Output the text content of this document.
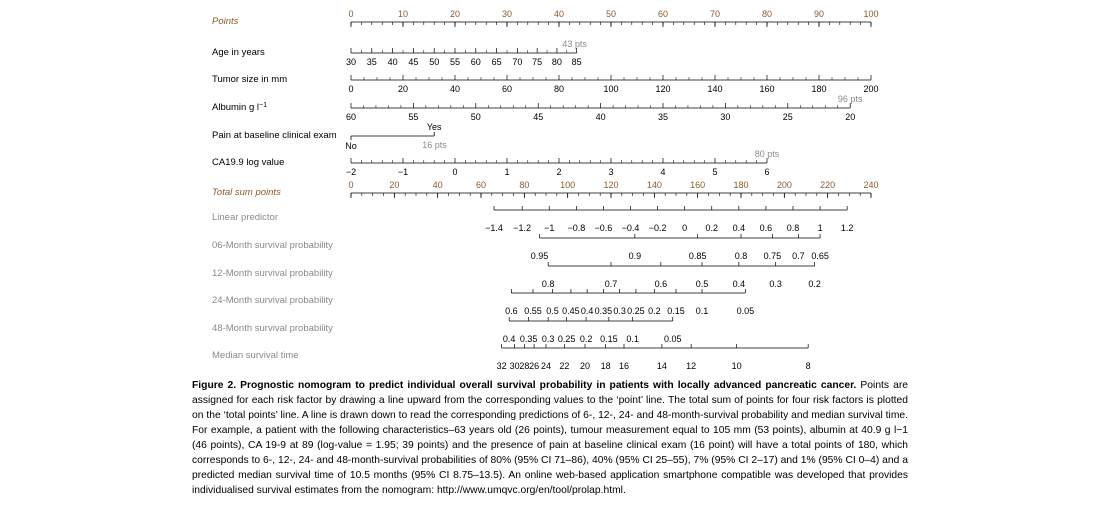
Points
0	10	20	30	40	50	60	70	80	90	100
Age in years
30 35 40 45 50 55 60 65 70 75 80 85
43 pts
Tumor size in mm
0	20	40	60	80	100	120	140	160	180	200
Albumin g $l^{-1}$
60	55	50	45	40	35	30	25	20
96 pts
Pain at baseline clinical exam
No
Yes
16 pts
CA19.9 log value
−2	−1	0	1	2	3	4	5	6
80 pts
Total sum points
0	20	40	60	80	100	120	140	160	180	200	220	240
Linear predictor
−1.4 −1.2 −1 −0.8 −0.6 −0.4 −0.2 0 0.2 0.4 0.6 0.8 1 1.2
06-Month survival probability
0.95	0.9	0.85	0.8 0.75 0.7 0.65
12-Month survival probability
0.8	0.7	0.6	0.5	0.4	0.3	0.2
24-Month survival probability
0.6 0.55 0.5 0.45 0.4 0.35 0.3 0.25 0.2 0.15 0.1	0.05
48-Month survival probability
0.4 0.35 0.3 0.25 0.2 0.15 0.1	0.05
Median survival time
32 30 28 26 24 22 20 18 16	14 12	10	8
Figure 2. Prognostic nomogram to predict individual overall survival probability in patients with locally advanced pancreatic cancer. Points are assigned for each risk factor by drawing a line upward from the corresponding values to the ‘point’ line. The total sum of points for four risk factors is plotted on the ‘total points’ line. A line is drawn down to read the corresponding predictions of 6-, 12-, 24- and 48-month-survival probability and median survival time. For example, a patient with the following characteristics–63 years old (26 points), tumour measurement equal to 105 mm (53 points), albumin at 40.9 g l−1 (46 points), CA 19-9 at 89 (log-value = 1.95; 39 points) and the presence of pain at baseline clinical exam (16 point) will have a total points of 180, which corresponds to 6-, 12-, 24- and 48-month-survival probabilities of 80% (95% CI 71–86), 40% (95% CI 25–55), 7% (95% CI 2–17) and 1% (95% CI 0–4) and a predicted median survival time of 10.5 months (95% CI 8.75–13.5). An online web-based application smartphone compatible was developed that provides individualised survival estimates from the nomogram: http://www.umqvc.org/en/tool/prolap.html.
